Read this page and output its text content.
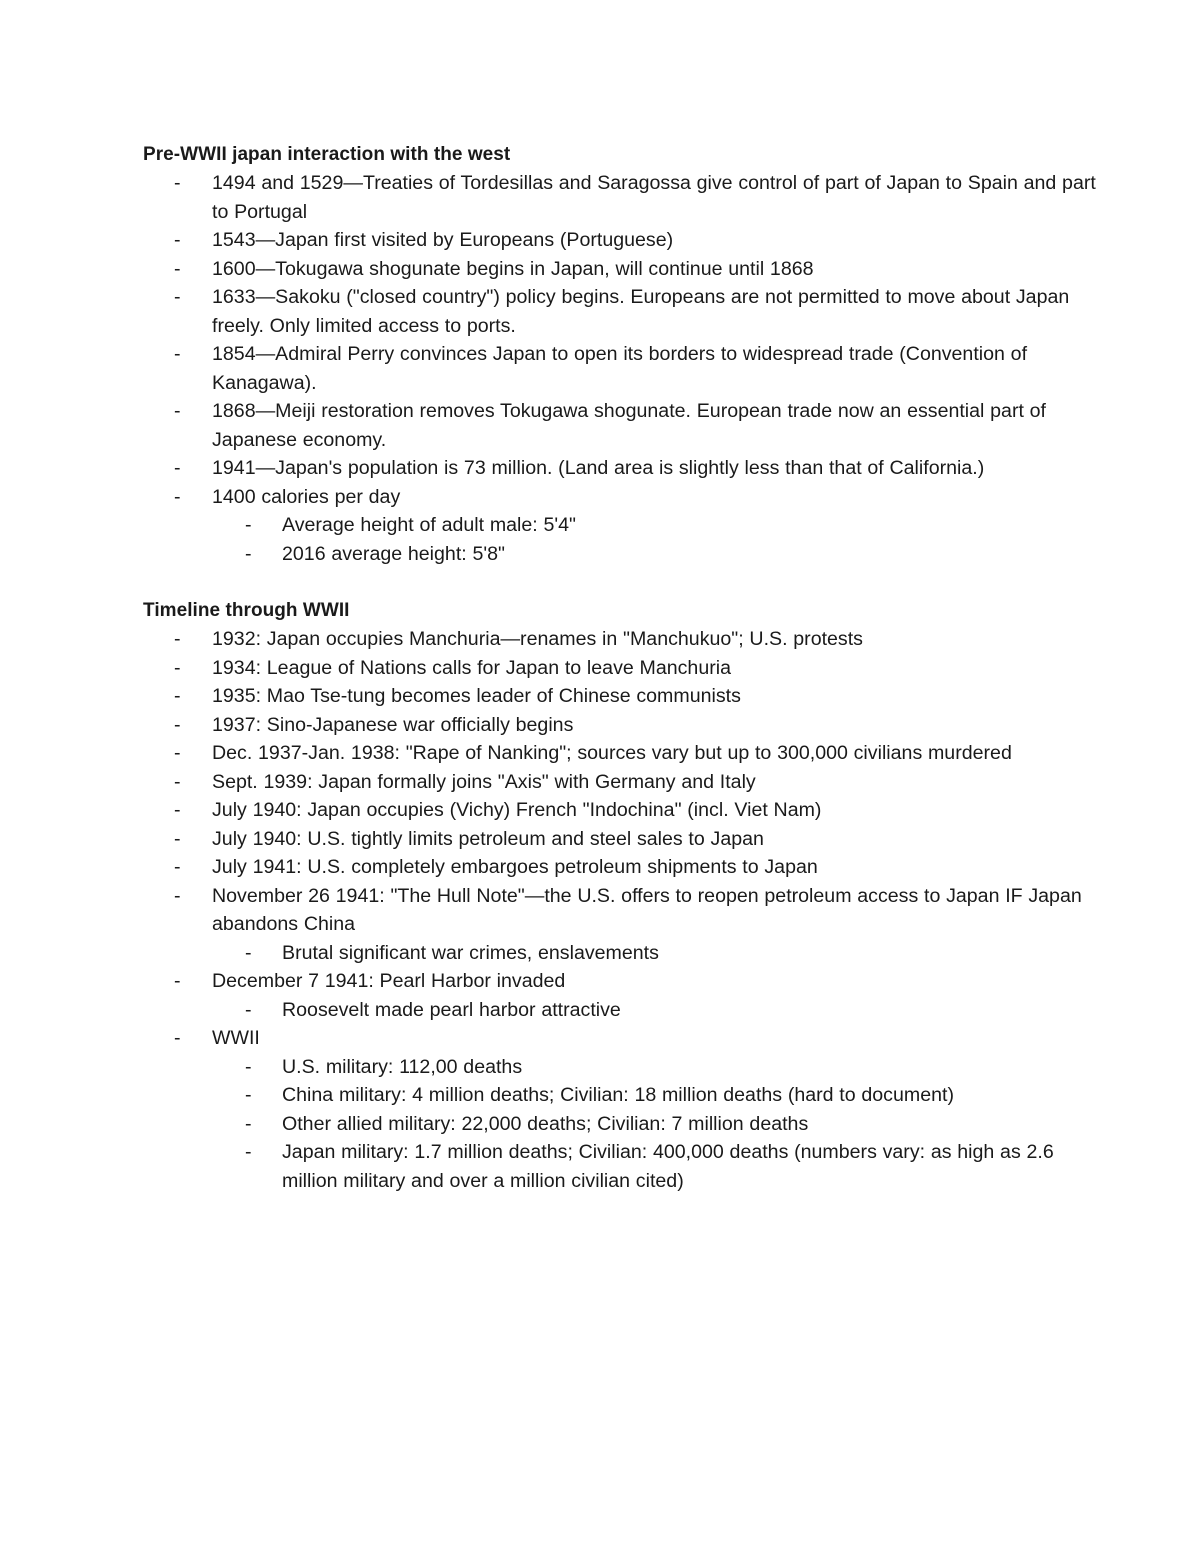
Pre-WWII japan interaction with the west
- 1494 and 1529—Treaties of Tordesillas and Saragossa give control of part of Japan to Spain and part to Portugal
- 1543—Japan first visited by Europeans (Portuguese)
- 1600—Tokugawa shogunate begins in Japan, will continue until 1868
- 1633—Sakoku ("closed country") policy begins. Europeans are not permitted to move about Japan freely. Only limited access to ports.
- 1854—Admiral Perry convinces Japan to open its borders to widespread trade (Convention of Kanagawa).
- 1868—Meiji restoration removes Tokugawa shogunate. European trade now an essential part of Japanese economy.
- 1941—Japan's population is 73 million. (Land area is slightly less than that of California.)
- 1400 calories per day
- Average height of adult male: 5'4"
- 2016 average height: 5'8"
Timeline through WWII
- 1932: Japan occupies Manchuria—renames in "Manchukuo"; U.S. protests
- 1934: League of Nations calls for Japan to leave Manchuria
- 1935: Mao Tse-tung becomes leader of Chinese communists
- 1937: Sino-Japanese war officially begins
- Dec. 1937-Jan. 1938: "Rape of Nanking"; sources vary but up to 300,000 civilians murdered
- Sept. 1939: Japan formally joins "Axis" with Germany and Italy
- July 1940: Japan occupies (Vichy) French "Indochina" (incl. Viet Nam)
- July 1940: U.S. tightly limits petroleum and steel sales to Japan
- July 1941: U.S. completely embargoes petroleum shipments to Japan
- November 26 1941: "The Hull Note"—the U.S. offers to reopen petroleum access to Japan IF Japan abandons China
- Brutal significant war crimes, enslavements
- December 7 1941: Pearl Harbor invaded
- Roosevelt made pearl harbor attractive
- WWII
- U.S. military: 112,00 deaths
- China military: 4 million deaths; Civilian: 18 million deaths (hard to document)
- Other allied military: 22,000 deaths; Civilian: 7 million deaths
- Japan military: 1.7 million deaths; Civilian: 400,000 deaths (numbers vary: as high as 2.6 million military and over a million civilian cited)
